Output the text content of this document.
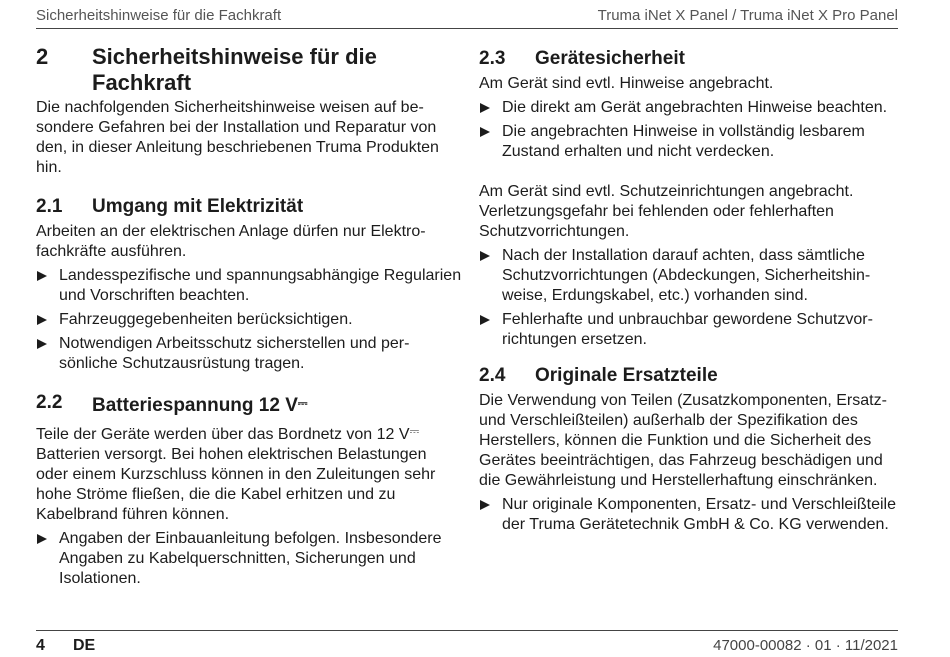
Sicherheitshinweise für die Fachkraft	Truma iNet X Panel / Truma iNet X Pro Panel
2	Sicherheitshinweise für die Fachkraft

Die nachfolgenden Sicherheitshinweise weisen auf besondere Gefahren bei der Installation und Reparatur von den, in dieser Anleitung beschriebenen Truma Produkten hin.

2.1	Umgang mit Elektrizität

Arbeiten an der elektrischen Anlage dürfen nur Elektrofachkräfte ausführen.

Landesspezifische und spannungsabhängige Regularien und Vorschriften beachten.
Fahrzeuggegebenheiten berücksichtigen.
Notwendigen Arbeitsschutz sicherstellen und persönliche Schutzausrüstung tragen.
2.2	Batteriespannung 12 V⎓

Teile der Geräte werden über das Bordnetz von 12 V⎓ Batterien versorgt. Bei hohen elektrischen Belastungen oder einem Kurzschluss können in den Zuleitungen sehr hohe Ströme fließen, die die Kabel erhitzen und zu Kabelbrand führen können.

Angaben der Einbauanleitung befolgen. Insbesondere Angaben zu Kabelquerschnitten, Sicherungen und Isolationen.
2.3	Gerätesicherheit

Am Gerät sind evtl. Hinweise angebracht.

Die direkt am Gerät angebrachten Hinweise beachten.
Die angebrachten Hinweise in vollständig lesbarem Zustand erhalten und nicht verdecken.

Am Gerät sind evtl. Schutzeinrichtungen angebracht. Verletzungsgefahr bei fehlenden oder fehlerhaften Schutzvorrichtungen.

Nach der Installation darauf achten, dass sämtliche Schutzvorrichtungen (Abdeckungen, Sicherheitshinweise, Erdungskabel, etc.) vorhanden sind.
Fehlerhafte und unbrauchbar gewordene Schutzvorrichtungen ersetzen.
2.4	Originale Ersatzteile

Die Verwendung von Teilen (Zusatzkomponenten, Ersatz- und Verschleißteilen) außerhalb der Spezifikation des Herstellers, können die Funktion und die Sicherheit des Gerätes beeinträchtigen, das Fahrzeug beschädigen und die Gewährleistung und Herstellerhaftung einschränken.

Nur originale Komponenten, Ersatz- und Verschleißteile der Truma Gerätetechnik GmbH & Co. KG verwenden.
4 DE	47000-00082 · 01 · 11/2021
